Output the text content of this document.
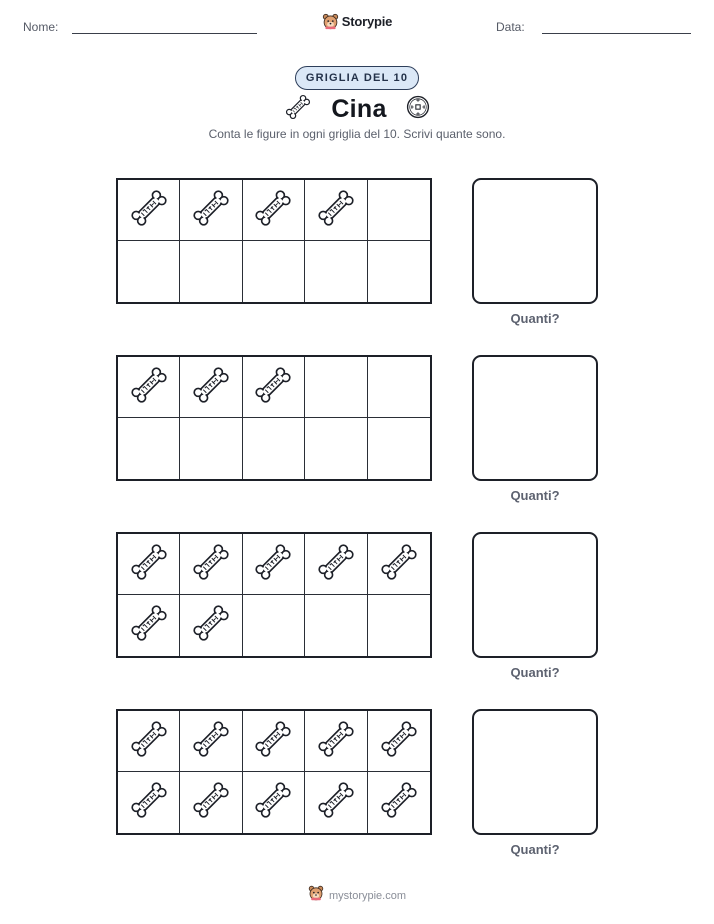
Nome:	Storypie	Data:
GRIGLIA DEL 10
Cina
Conta le figure in ogni griglia del 10. Scrivi quante sono.
Quanti?
Quanti?
Quanti?
Quanti?
mystorypie.com
